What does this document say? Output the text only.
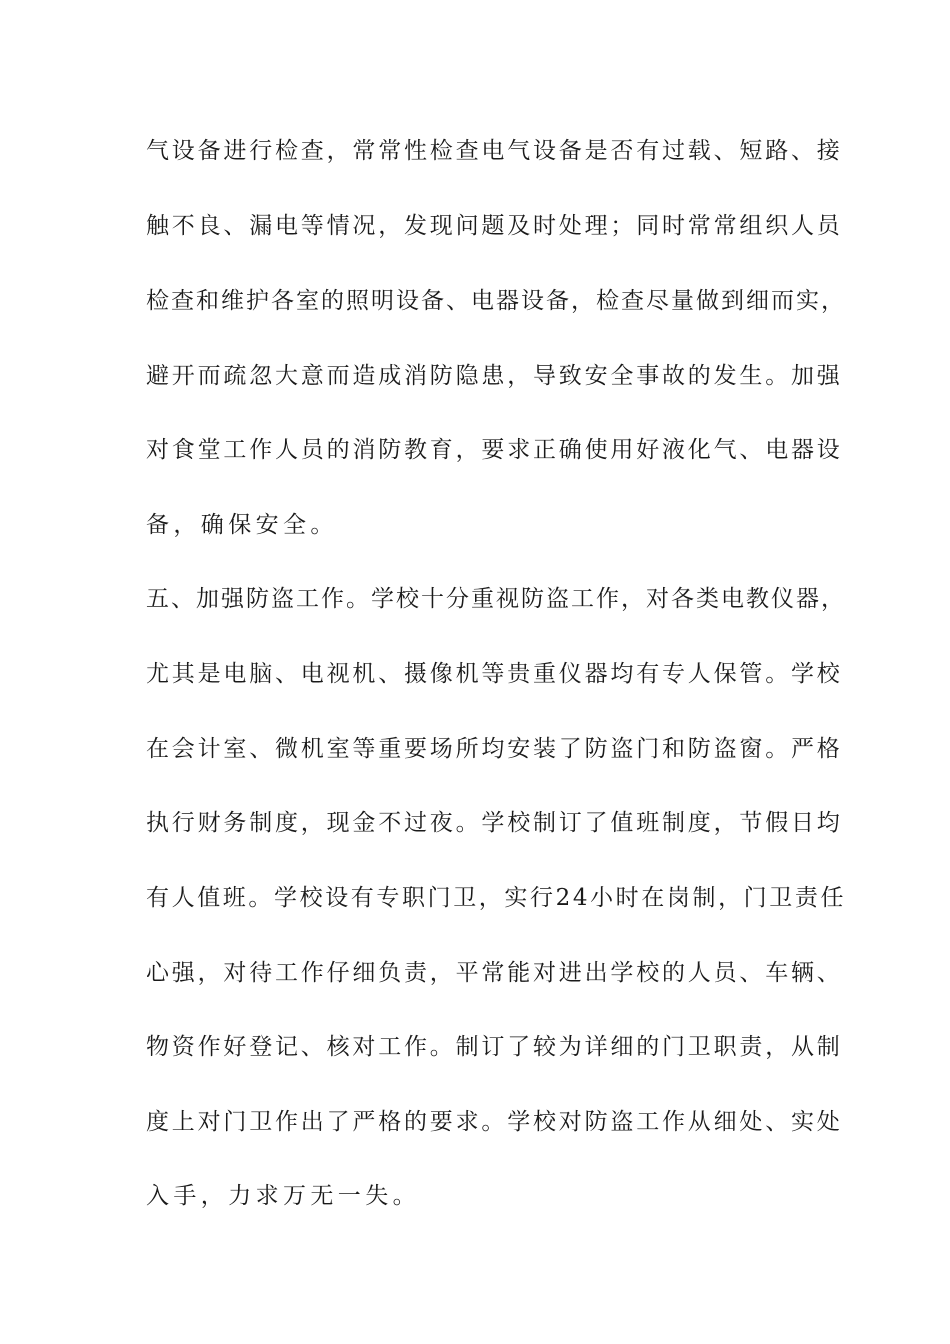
气设备进行检查，常常性检查电气设备是否有过载、短路、接
触不良、漏电等情况，发现问题及时处理；同时常常组织人员
检查和维护各室的照明设备、电器设备，检查尽量做到细而实，
避开而疏忽大意而造成消防隐患，导致安全事故的发生。加强
对食堂工作人员的消防教育，要求正确使用好液化气、电器设
备，确保安全。
五、加强防盗工作。学校十分重视防盗工作，对各类电教仪器，
尤其是电脑、电视机、摄像机等贵重仪器均有专人保管。学校
在会计室、微机室等重要场所均安装了防盗门和防盗窗。严格
执行财务制度，现金不过夜。学校制订了值班制度，节假日均
有人值班。学校设有专职门卫，实行24小时在岗制，门卫责任
心强，对待工作仔细负责，平常能对进出学校的人员、车辆、
物资作好登记、核对工作。制订了较为详细的门卫职责，从制
度上对门卫作出了严格的要求。学校对防盗工作从细处、实处
入手，力求万无一失。
